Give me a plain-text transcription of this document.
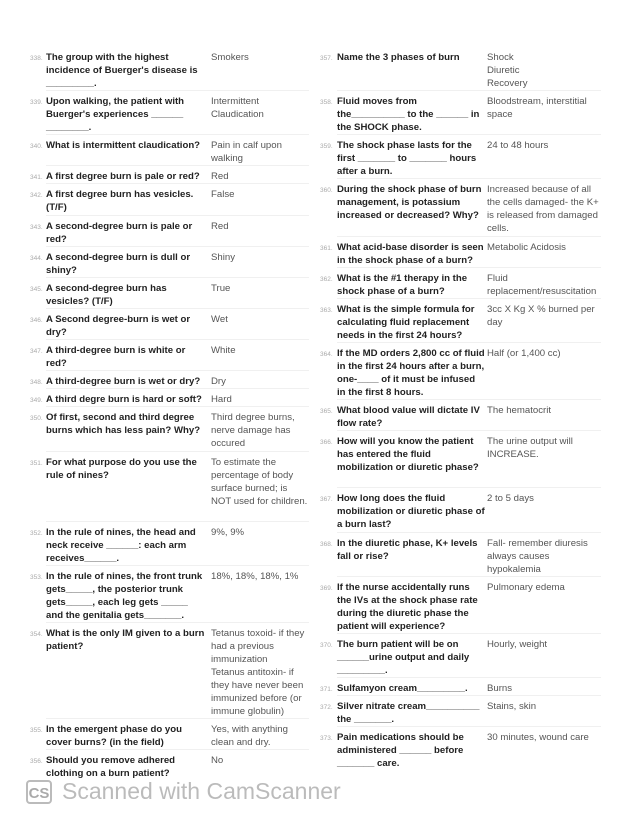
338. The group with the highest incidence of Buerger's disease is _________.
Smokers
339. Upon walking, the patient with Buerger's experiences ______ ________.
Intermittent
Claudication
340. What is intermittent claudication?	Pain in calf upon walking
341. A first degree burn is pale or red?	Red
342. A first degree burn has vesicles. (T/F)
False
343. A second-degree burn is pale or red?
Red
344. A second-degree burn is dull or shiny?
Shiny
345. A second-degree burn has vesicles? (T/F)
True
346. A Second degree-burn is wet or dry?
Wet
347. A third-degree burn is white or red?
White
348. A third-degree burn is wet or dry?	Dry
349. A third degre burn is hard or soft? Hard
350. Of first, second and third degree burns which has less pain? Why?
Third degree burns, nerve damage has occured
351. For what purpose do you use the rule of nines?
To estimate the percentage of body surface burned; is NOT used for children.
352. In the rule of nines, the head and neck receive ______: each arm receives______.
9%, 9%
353. In the rule of nines, the front trunk gets_____, the posterior trunk gets_____, each leg gets _____ and the genitalia gets_______.
18%, 18%, 18%, 1%
354. What is the only IM given to a burn patient?
Tetanus toxoid- if they had a previous immunization
Tetanus antitoxin- if they have never been immunized before (or immune globulin)
355. In the emergent phase do you cover burns? (in the field)
Yes, with anything clean and dry.
356. Should you remove adhered clothing on a burn patient?
No
357. Name the 3 phases of burn	Shock
Diuretic
Recovery
358. Fluid moves from the__________ to the ______ in the SHOCK phase.
Bloodstream, interstitial space
359. The shock phase lasts for the first _______ to _______ hours after a burn.
24 to 48 hours
360. During the shock phase of burn management, is potassium increased or decreased? Why?
Increased because of all the cells damaged- the K+ is released from damaged cells.
361. What acid-base disorder is seen in the shock phase of a burn?
Metabolic Acidosis
362. What is the #1 therapy in the shock phase of a burn?
Fluid replacement/resuscitation
363. What is the simple formula for calculating fluid replacement needs in the first 24 hours?
3cc X Kg X % burned per day
364. If the MD orders 2,800 cc of fluid in the first 24 hours after a burn, one-____ of it must be infused in the first 8 hours.
Half (or 1,400 cc)
365. What blood value will dictate IV flow rate?
The hematocrit
366. How will you know the patient has entered the fluid mobilization or diuretic phase?
The urine output will INCREASE.
367. How long does the fluid mobilization or diuretic phase of a burn last?
2 to 5 days
368. In the diuretic phase, K+ levels fall or rise?
Fall- remember diuresis always causes hypokalemia
369. If the nurse accidentally runs the IVs at the shock phase rate during the diuretic phase the patient will experience?
Pulmonary edema
370. The burn patient will be on ______urine output and daily _________.
Hourly, weight
371. Sulfamyon cream_________.	Burns
372. Silver nitrate cream__________ the _______.
Stains, skin
373. Pain medications should be administered ______ before _______ care.
30 minutes, wound care
CS Scanned with CamScanner
